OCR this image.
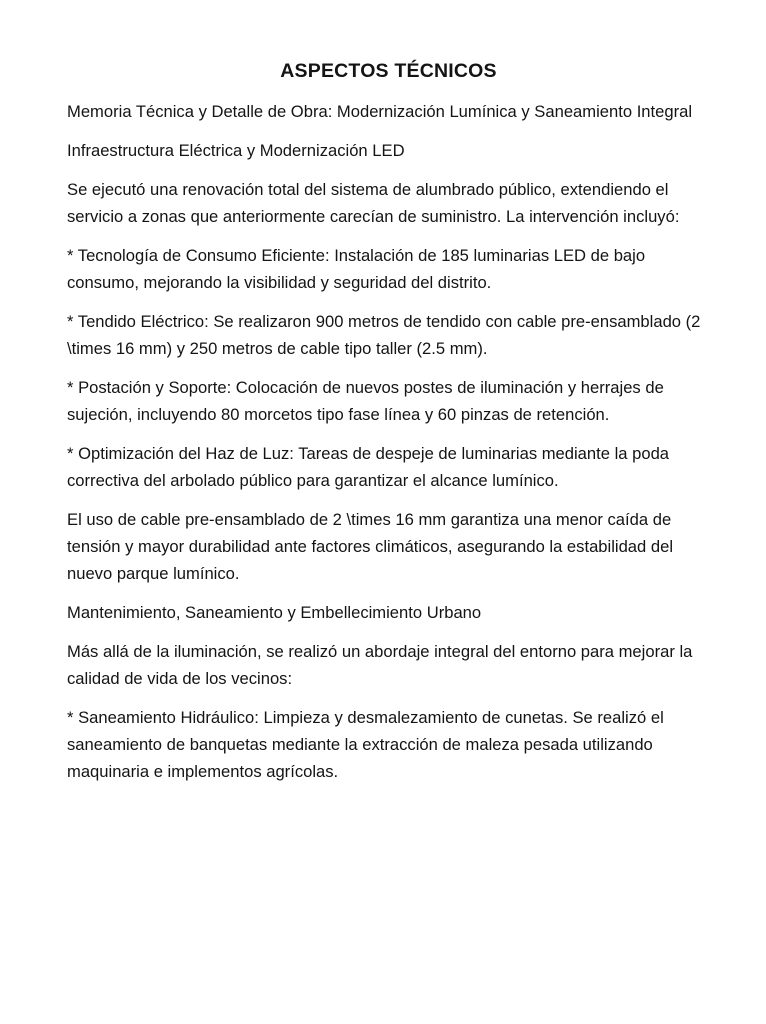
ASPECTOS TÉCNICOS

Memoria Técnica y Detalle de Obra: Modernización Lumínica y Saneamiento Integral

Infraestructura Eléctrica y Modernización LED

Se ejecutó una renovación total del sistema de alumbrado público, extendiendo el servicio a zonas que anteriormente carecían de suministro. La intervención incluyó:

* Tecnología de Consumo Eficiente: Instalación de 185 luminarias LED de bajo consumo, mejorando la visibilidad y seguridad del distrito.

* Tendido Eléctrico: Se realizaron 900 metros de tendido con cable pre-ensamblado (2 \times 16 mm) y 250 metros de cable tipo taller (2.5 mm).

* Postación y Soporte: Colocación de nuevos postes de iluminación y herrajes de sujeción, incluyendo 80 morcetos tipo fase línea y 60 pinzas de retención.

* Optimización del Haz de Luz: Tareas de despeje de luminarias mediante la poda correctiva del arbolado público para garantizar el alcance lumínico.

El uso de cable pre-ensamblado de 2 \times 16 mm garantiza una menor caída de tensión y mayor durabilidad ante factores climáticos, asegurando la estabilidad del nuevo parque lumínico.

Mantenimiento, Saneamiento y Embellecimiento Urbano

Más allá de la iluminación, se realizó un abordaje integral del entorno para mejorar la calidad de vida de los vecinos:

* Saneamiento Hidráulico: Limpieza y desmalezamiento de cunetas. Se realizó el saneamiento de banquetas mediante la extracción de maleza pesada utilizando maquinaria e implementos agrícolas.
